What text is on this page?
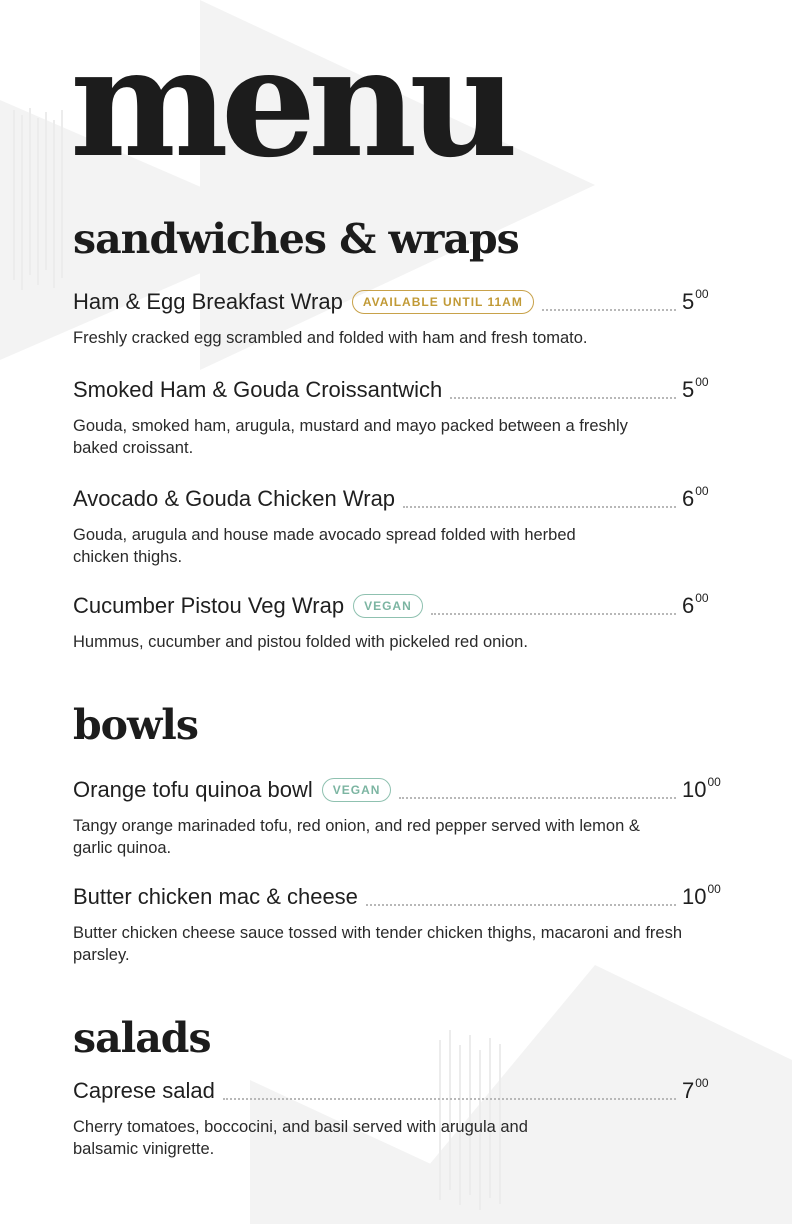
menu
sandwiches & wraps
Ham & Egg Breakfast Wrap	AVAILABLE UNTIL 11AM	$5^{00}$

Freshly cracked egg scrambled and folded with ham and fresh tomato.

Smoked Ham & Gouda Croissantwich	$5^{00}$

Gouda, smoked ham, arugula, mustard and mayo packed between a freshly baked croissant.

Avocado & Gouda Chicken Wrap	$6^{00}$

Gouda, arugula and house made avocado spread folded with herbed chicken thighs.

Cucumber Pistou Veg Wrap	VEGAN	$6^{00}$

Hummus, cucumber and pistou folded with pickeled red onion.

bowls
Orange tofu quinoa bowl	VEGAN	$10^{00}$

Tangy orange marinaded tofu, red onion, and red pepper served with lemon & garlic quinoa.

Butter chicken mac & cheese	$10^{00}$

Butter chicken cheese sauce tossed with tender chicken thighs, macaroni and fresh parsley.

salads
Caprese salad	$7^{00}$

Cherry tomatoes, boccocini, and basil served with arugula and balsamic vinigrette.
